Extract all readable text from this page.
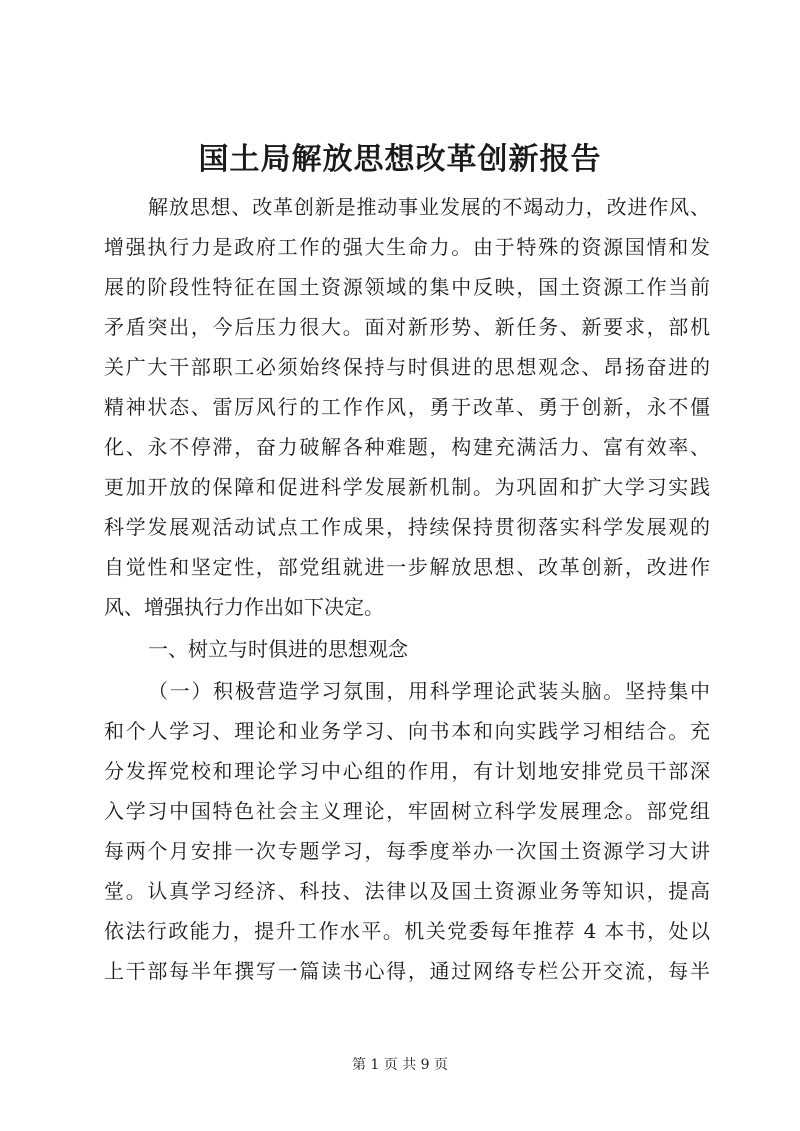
国土局解放思想改革创新报告

解放思想、改革创新是推动事业发展的不竭动力，改进作风、

增强执行力是政府工作的强大生命力。由于特殊的资源国情和发

展的阶段性特征在国土资源领域的集中反映，国土资源工作当前

矛盾突出，今后压力很大。面对新形势、新任务、新要求，部机

关广大干部职工必须始终保持与时俱进的思想观念、昂扬奋进的

精神状态、雷厉风行的工作作风，勇于改革、勇于创新，永不僵

化、永不停滞，奋力破解各种难题，构建充满活力、富有效率、

更加开放的保障和促进科学发展新机制。为巩固和扩大学习实践

科学发展观活动试点工作成果，持续保持贯彻落实科学发展观的

自觉性和坚定性，部党组就进一步解放思想、改革创新，改进作

风、增强执行力作出如下决定。

一、树立与时俱进的思想观念

（一）积极营造学习氛围，用科学理论武装头脑。坚持集中

和个人学习、理论和业务学习、向书本和向实践学习相结合。充

分发挥党校和理论学习中心组的作用，有计划地安排党员干部深

入学习中国特色社会主义理论，牢固树立科学发展理念。部党组

每两个月安排一次专题学习，每季度举办一次国土资源学习大讲

堂。认真学习经济、科技、法律以及国土资源业务等知识，提高

依法行政能力，提升工作水平。机关党委每年推荐 4 本书，处以

上干部每半年撰写一篇读书心得，通过网络专栏公开交流，每半

第 1 页 共 9 页
